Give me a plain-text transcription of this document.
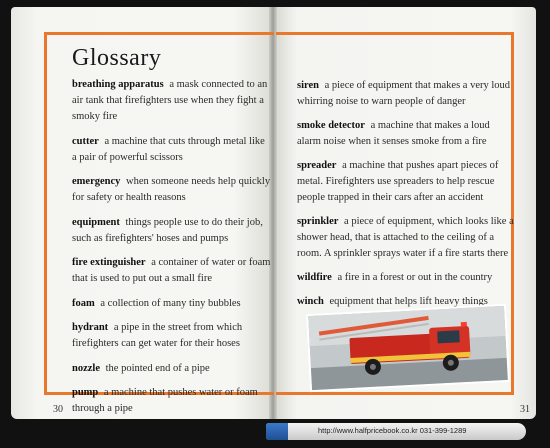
Glossary
breathing apparatus a mask connected to an air tank that firefighters use when they fight a smoky fire
cutter a machine that cuts through metal like a pair of powerful scissors
emergency when someone needs help quickly for safety or health reasons
equipment things people use to do their job, such as firefighters' hoses and pumps
fire extinguisher a container of water or foam that is used to put out a small fire
foam a collection of many tiny bubbles
hydrant a pipe in the street from which firefighters can get water for their hoses
nozzle the pointed end of a pipe
pump a machine that pushes water or foam through a pipe
siren a piece of equipment that makes a very loud whirring noise to warn people of danger
smoke detector a machine that makes a loud alarm noise when it senses smoke from a fire
spreader a machine that pushes apart pieces of metal. Firefighters use spreaders to help rescue people trapped in their cars after an accident
sprinkler a piece of equipment, which looks like a shower head, that is attached to the ceiling of a room. A sprinkler sprays water if a fire starts there
wildfire a fire in a forest or out in the country
winch equipment that helps lift heavy things
30	31
http://www.halfpricebook.co.kr 031-399-1289
